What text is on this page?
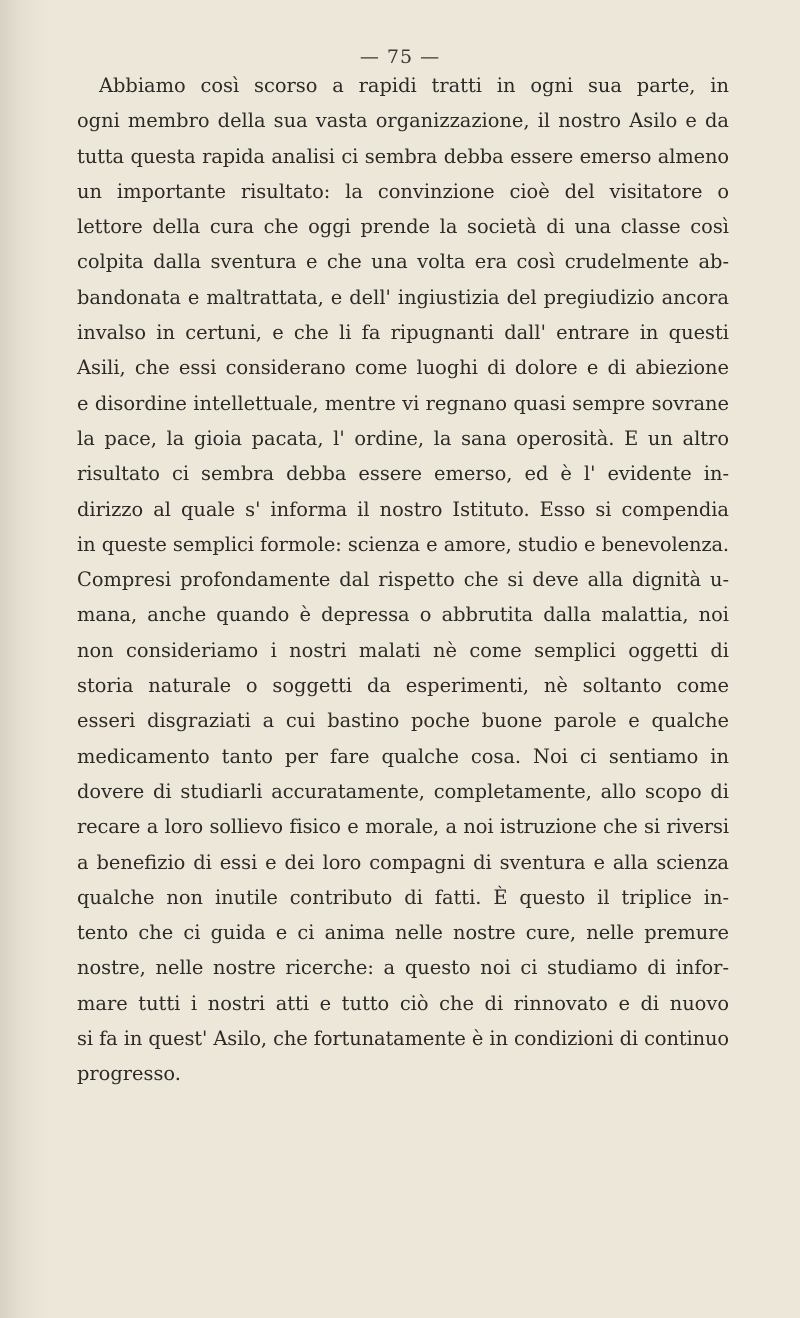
— 75 —
Abbiamo così scorso a rapidi tratti in ogni sua parte, in
ogni membro della sua vasta organizzazione, il nostro Asilo e da
tutta questa rapida analisi ci sembra debba essere emerso almeno
un importante risultato: la convinzione cioè del visitatore o
lettore della cura che oggi prende la società di una classe così
colpita dalla sventura e che una volta era così crudelmente ab-
bandonata e maltrattata, e dell' ingiustizia del pregiudizio ancora
invalso in certuni, e che li fa ripugnanti dall' entrare in questi
Asili, che essi considerano come luoghi di dolore e di abiezione
e disordine intellettuale, mentre vi regnano quasi sempre sovrane
la pace, la gioia pacata, l' ordine, la sana operosità. E un altro
risultato ci sembra debba essere emerso, ed è l' evidente in-
dirizzo al quale s' informa il nostro Istituto. Esso si compendia
in queste semplici formole: scienza e amore, studio e benevolenza.
Compresi profondamente dal rispetto che si deve alla dignità u-
mana, anche quando è depressa o abbrutita dalla malattia, noi
non consideriamo i nostri malati nè come semplici oggetti di
storia naturale o soggetti da esperimenti, nè soltanto come
esseri disgraziati a cui bastino poche buone parole e qualche
medicamento tanto per fare qualche cosa. Noi ci sentiamo in
dovere di studiarli accuratamente, completamente, allo scopo di
recare a loro sollievo fisico e morale, a noi istruzione che si riversi
a benefizio di essi e dei loro compagni di sventura e alla scienza
qualche non inutile contributo di fatti. È questo il triplice in-
tento che ci guida e ci anima nelle nostre cure, nelle premure
nostre, nelle nostre ricerche: a questo noi ci studiamo di infor-
mare tutti i nostri atti e tutto ciò che di rinnovato e di nuovo
si fa in quest' Asilo, che fortunatamente è in condizioni di continuo
progresso.
